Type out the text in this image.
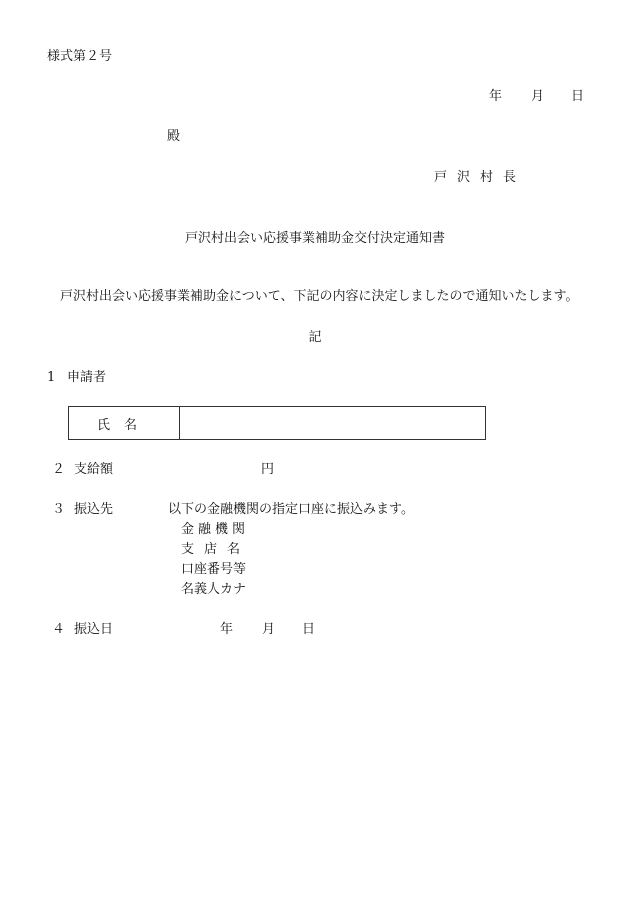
様式第２号
年 月 日
殿
戸沢村長
戸沢村出会い応援事業補助金交付決定通知書
戸沢村出会い応援事業補助金について、下記の内容に決定しましたので通知いたします。
記
1 申請者
氏名	
２ 支給額	円
３ 振込先	以下の金融機関の指定口座に振込みます。
金融機関
支店名
口座番号等
名義人カナ
４ 振込日	年 月 日
